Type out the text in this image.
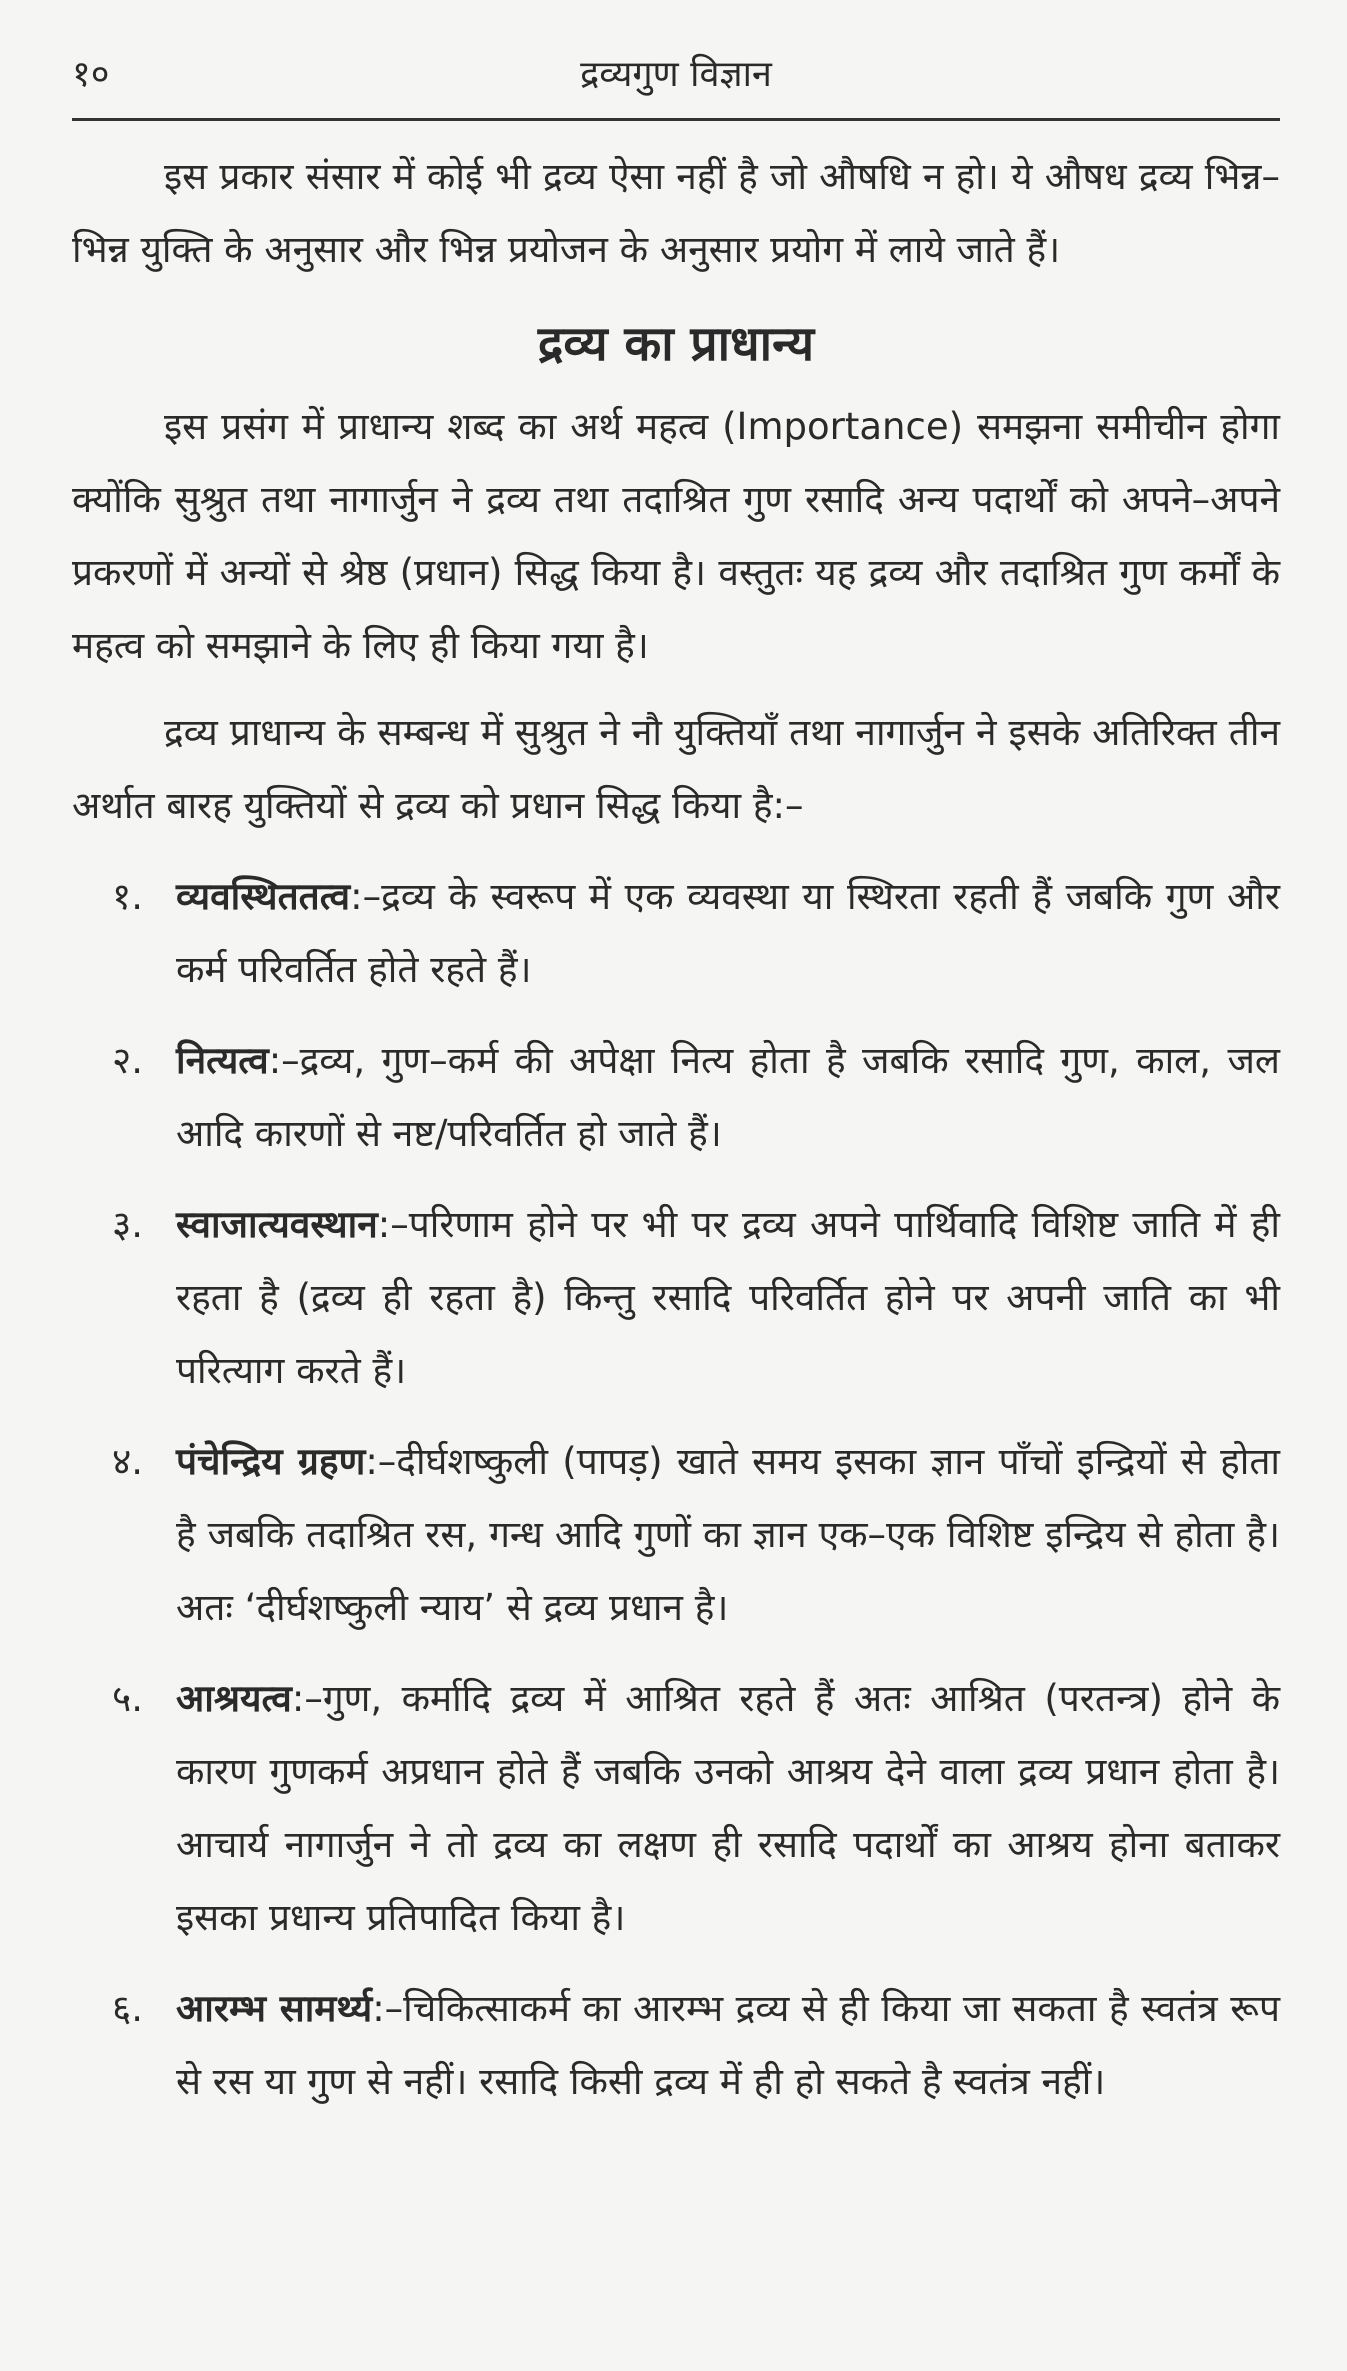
१०	द्रव्यगुण विज्ञान

इस प्रकार संसार में कोई भी द्रव्य ऐसा नहीं है जो औषधि न हो। ये औषध द्रव्य भिन्न–भिन्न युक्ति के अनुसार और भिन्न प्रयोजन के अनुसार प्रयोग में लाये जाते हैं।

द्रव्य का प्राधान्य

इस प्रसंग में प्राधान्य शब्द का अर्थ महत्व (Importance) समझना समीचीन होगा क्योंकि सुश्रुत तथा नागार्जुन ने द्रव्य तथा तदाश्रित गुण रसादि अन्य पदार्थों को अपने–अपने प्रकरणों में अन्यों से श्रेष्ठ (प्रधान) सिद्ध किया है। वस्तुतः यह द्रव्य और तदाश्रित गुण कर्मों के महत्व को समझाने के लिए ही किया गया है।

द्रव्य प्राधान्य के सम्बन्ध में सुश्रुत ने नौ युक्तियाँ तथा नागार्जुन ने इसके अतिरिक्त तीन अर्थात बारह युक्तियों से द्रव्य को प्रधान सिद्ध किया है:–

१. व्यवस्थिततत्व:–द्रव्य के स्वरूप में एक व्यवस्था या स्थिरता रहती हैं जबकि गुण और कर्म परिवर्तित होते रहते हैं।
२. नित्यत्व:–द्रव्य, गुण–कर्म की अपेक्षा नित्य होता है जबकि रसादि गुण, काल, जल आदि कारणों से नष्ट/परिवर्तित हो जाते हैं।
३. स्वाजात्यवस्थान:–परिणाम होने पर भी पर द्रव्य अपने पार्थिवादि विशिष्ट जाति में ही रहता है (द्रव्य ही रहता है) किन्तु रसादि परिवर्तित होने पर अपनी जाति का भी परित्याग करते हैं।
४. पंचेन्द्रिय ग्रहण:–दीर्घशष्कुली (पापड़) खाते समय इसका ज्ञान पाँचों इन्द्रियों से होता है जबकि तदाश्रित रस, गन्ध आदि गुणों का ज्ञान एक–एक विशिष्ट इन्द्रिय से होता है। अतः ‘दीर्घशष्कुली न्याय’ से द्रव्य प्रधान है।
५. आश्रयत्व:–गुण, कर्मादि द्रव्य में आश्रित रहते हैं अतः आश्रित (परतन्त्र) होने के कारण गुणकर्म अप्रधान होते हैं जबकि उनको आश्रय देने वाला द्रव्य प्रधान होता है। आचार्य नागार्जुन ने तो द्रव्य का लक्षण ही रसादि पदार्थों का आश्रय होना बताकर इसका प्रधान्य प्रतिपादित किया है।
६. आरम्भ सामर्थ्य:–चिकित्साकर्म का आरम्भ द्रव्य से ही किया जा सकता है स्वतंत्र रूप से रस या गुण से नहीं। रसादि किसी द्रव्य में ही हो सकते है स्वतंत्र नहीं।
